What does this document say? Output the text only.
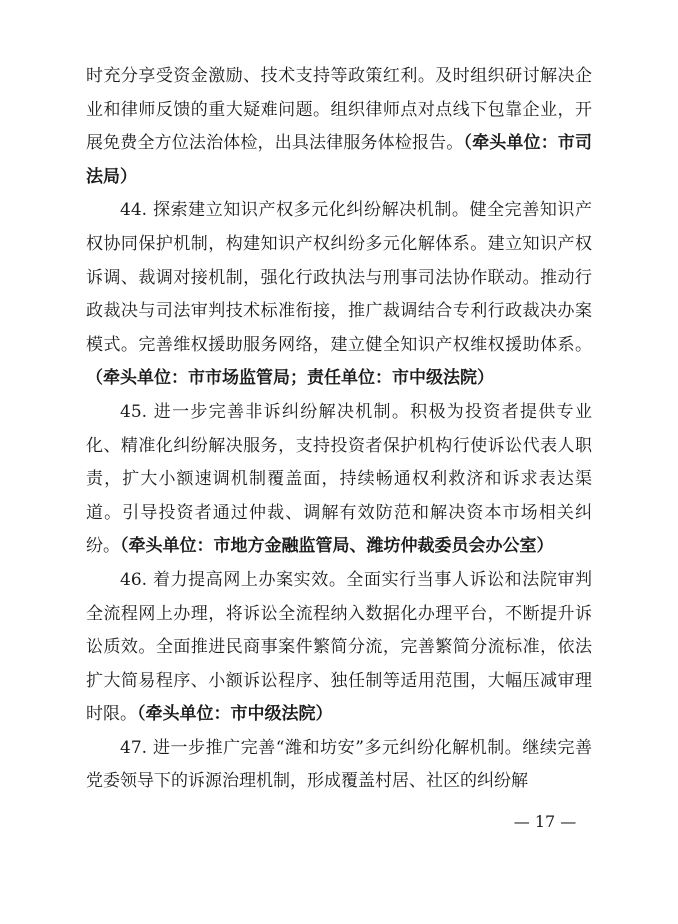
时充分享受资金激励、技术支持等政策红利。及时组织研讨解决企业和律师反馈的重大疑难问题。组织律师点对点线下包靠企业，开展免费全方位法治体检，出具法律服务体检报告。（牵头单位：市司法局）

44. 探索建立知识产权多元化纠纷解决机制。健全完善知识产权协同保护机制，构建知识产权纠纷多元化解体系。建立知识产权诉调、裁调对接机制，强化行政执法与刑事司法协作联动。推动行政裁决与司法审判技术标准衔接，推广裁调结合专利行政裁决办案模式。完善维权援助服务网络，建立健全知识产权维权援助体系。（牵头单位：市市场监管局；责任单位：市中级法院）

45. 进一步完善非诉纠纷解决机制。积极为投资者提供专业化、精准化纠纷解决服务，支持投资者保护机构行使诉讼代表人职责，扩大小额速调机制覆盖面，持续畅通权利救济和诉求表达渠道。引导投资者通过仲裁、调解有效防范和解决资本市场相关纠纷。（牵头单位：市地方金融监管局、潍坊仲裁委员会办公室）

46. 着力提高网上办案实效。全面实行当事人诉讼和法院审判全流程网上办理，将诉讼全流程纳入数据化办理平台，不断提升诉讼质效。全面推进民商事案件繁简分流，完善繁简分流标准，依法扩大简易程序、小额诉讼程序、独任制等适用范围，大幅压减审理时限。（牵头单位：市中级法院）

47. 进一步推广完善“潍和坊安”多元纠纷化解机制。继续完善党委领导下的诉源治理机制，形成覆盖村居、社区的纠纷解

— 17 —
